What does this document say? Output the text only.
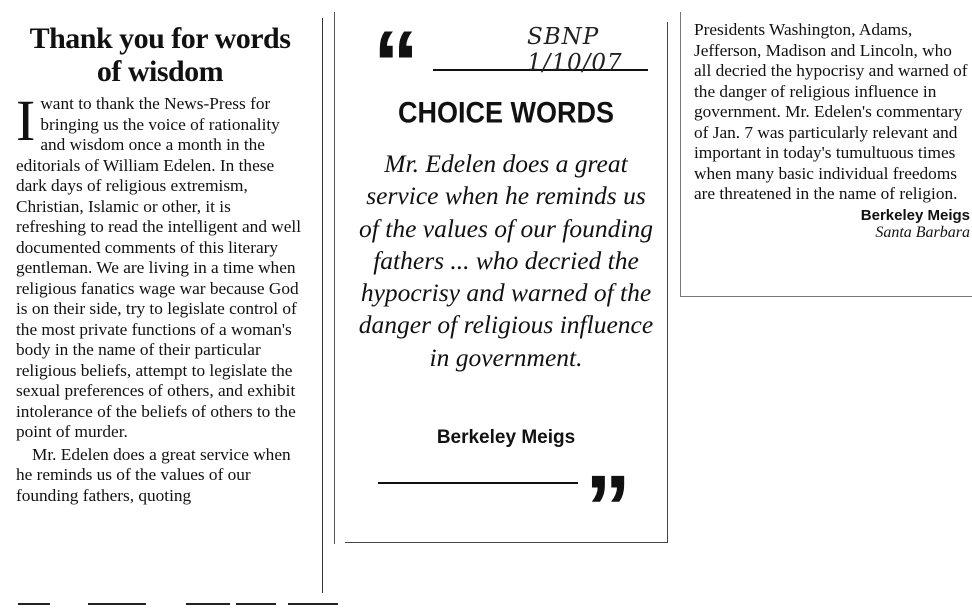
Thank you for words of wisdom

Iwant to thank the News-Press for bringing us the voice of rationality and wisdom once a month in the editorials of William Edelen. In these dark days of religious extremism, Christian, Islamic or other, it is refreshing to read the intelligent and well documented comments of this literary gentleman. We are living in a time when religious fanatics wage war because God is on their side, try to legislate control of the most private functions of a woman's body in the name of their particular religious beliefs, attempt to legislate the sexual preferences of others, and exhibit intolerance of the beliefs of others to the point of murder.

Mr. Edelen does a great service when he reminds us of the values of our founding fathers, quoting

“	SBNP 1/10/07
CHOICE WORDS

Mr. Edelen does a great service when he reminds us of the values of our founding fathers ... who decried the hypocrisy and warned of the danger of religious influence in government.

Berkeley Meigs
”

Presidents Washington, Adams, Jefferson, Madison and Lincoln, who all decried the hypocrisy and warned of the danger of religious influence in government. Mr. Edelen's commentary of Jan. 7 was particularly relevant and important in today's tumultuous times when many basic individual freedoms are threatened in the name of religion.

Berkeley Meigs
Santa Barbara
